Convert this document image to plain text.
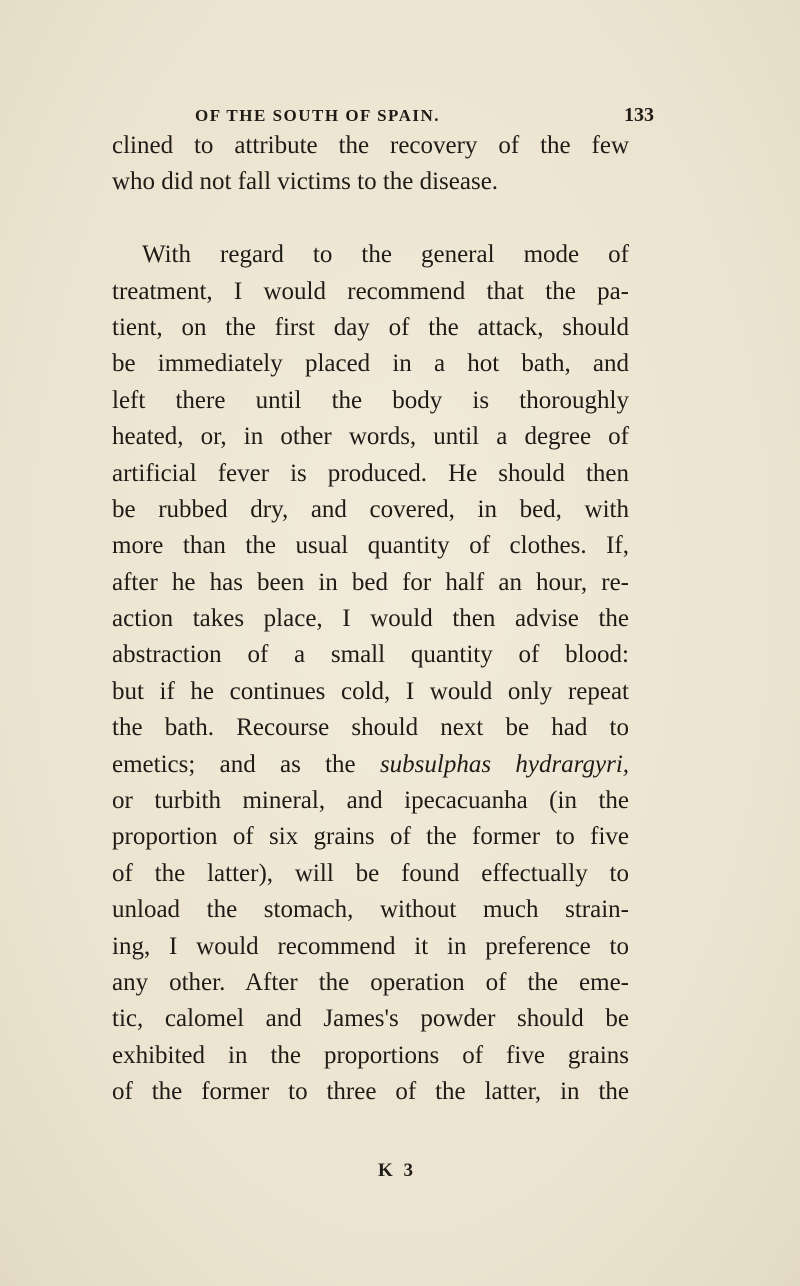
OF THE SOUTH OF SPAIN.	133
clined to attribute the recovery of the few
who did not fall victims to the disease.
With regard to the general mode of
treatment, I would recommend that the pa-
tient, on the first day of the attack, should
be immediately placed in a hot bath, and
left there until the body is thoroughly
heated, or, in other words, until a degree of
artificial fever is produced. He should then
be rubbed dry, and covered, in bed, with
more than the usual quantity of clothes. If,
after he has been in bed for half an hour, re-
action takes place, I would then advise the
abstraction of a small quantity of blood:
but if he continues cold, I would only repeat
the bath. Recourse should next be had to
emetics; and as the subsulphas hydrargyri,
or turbith mineral, and ipecacuanha (in the
proportion of six grains of the former to five
of the latter), will be found effectually to
unload the stomach, without much strain-
ing, I would recommend it in preference to
any other. After the operation of the eme-
tic, calomel and James's powder should be
exhibited in the proportions of five grains
of the former to three of the latter, in the
K 3
